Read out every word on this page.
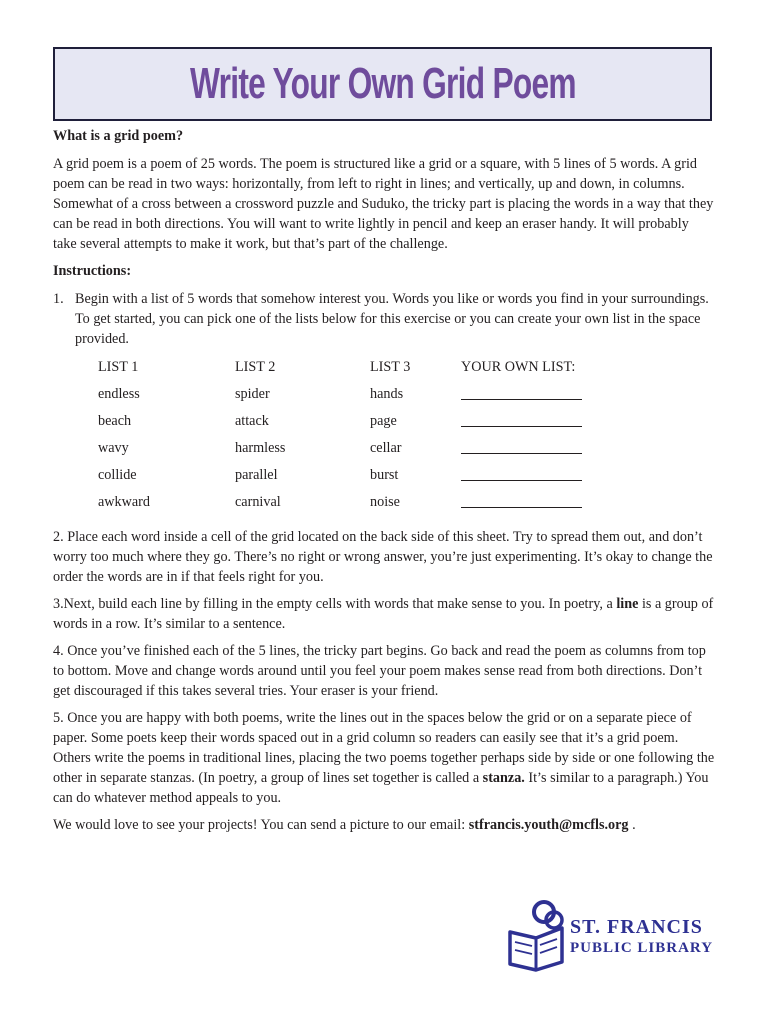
Write Your Own Grid Poem
What is a grid poem?

A grid poem is a poem of 25 words. The poem is structured like a grid or a square, with 5 lines of 5 words. A grid poem can be read in two ways: horizontally, from left to right in lines; and vertically, up and down, in columns. Somewhat of a cross between a crossword puzzle and Suduko, the tricky part is placing the words in a way that they can be read in both directions. You will want to write lightly in pencil and keep an eraser handy. It will probably take several attempts to make it work, but that’s part of the challenge.

Instructions:
1. Begin with a list of 5 words that somehow interest you. Words you like or words you find in your surroundings. To get started, you can pick one of the lists below for this exercise or you can create your own list in the space provided.
LIST 1	LIST 2	LIST 3	YOUR OWN LIST:
endless	spider	hands
beach	attack	page
wavy	harmless	cellar
collide	parallel	burst
awkward	carnival	noise

2. Place each word inside a cell of the grid located on the back side of this sheet. Try to spread them out, and don’t worry too much where they go. There’s no right or wrong answer, you’re just experimenting. It’s okay to change the order the words are in if that feels right for you.

3.Next, build each line by filling in the empty cells with words that make sense to you. In poetry, a line is a group of words in a row. It’s similar to a sentence.

4. Once you’ve finished each of the 5 lines, the tricky part begins. Go back and read the poem as columns from top to bottom. Move and change words around until you feel your poem makes sense read from both directions. Don’t get discouraged if this takes several tries. Your eraser is your friend.

5. Once you are happy with both poems, write the lines out in the spaces below the grid or on a separate piece of paper. Some poets keep their words spaced out in a grid column so readers can easily see that it’s a grid poem. Others write the poems in traditional lines, placing the two poems together perhaps side by side or one following the other in separate stanzas. (In poetry, a group of lines set together is called a stanza. It’s similar to a paragraph.) You can do whatever method appeals to you.

We would love to see your projects! You can send a picture to our email: stfrancis.youth@mcfls.org .

ST. FRANCIS
PUBLIC LIBRARY
